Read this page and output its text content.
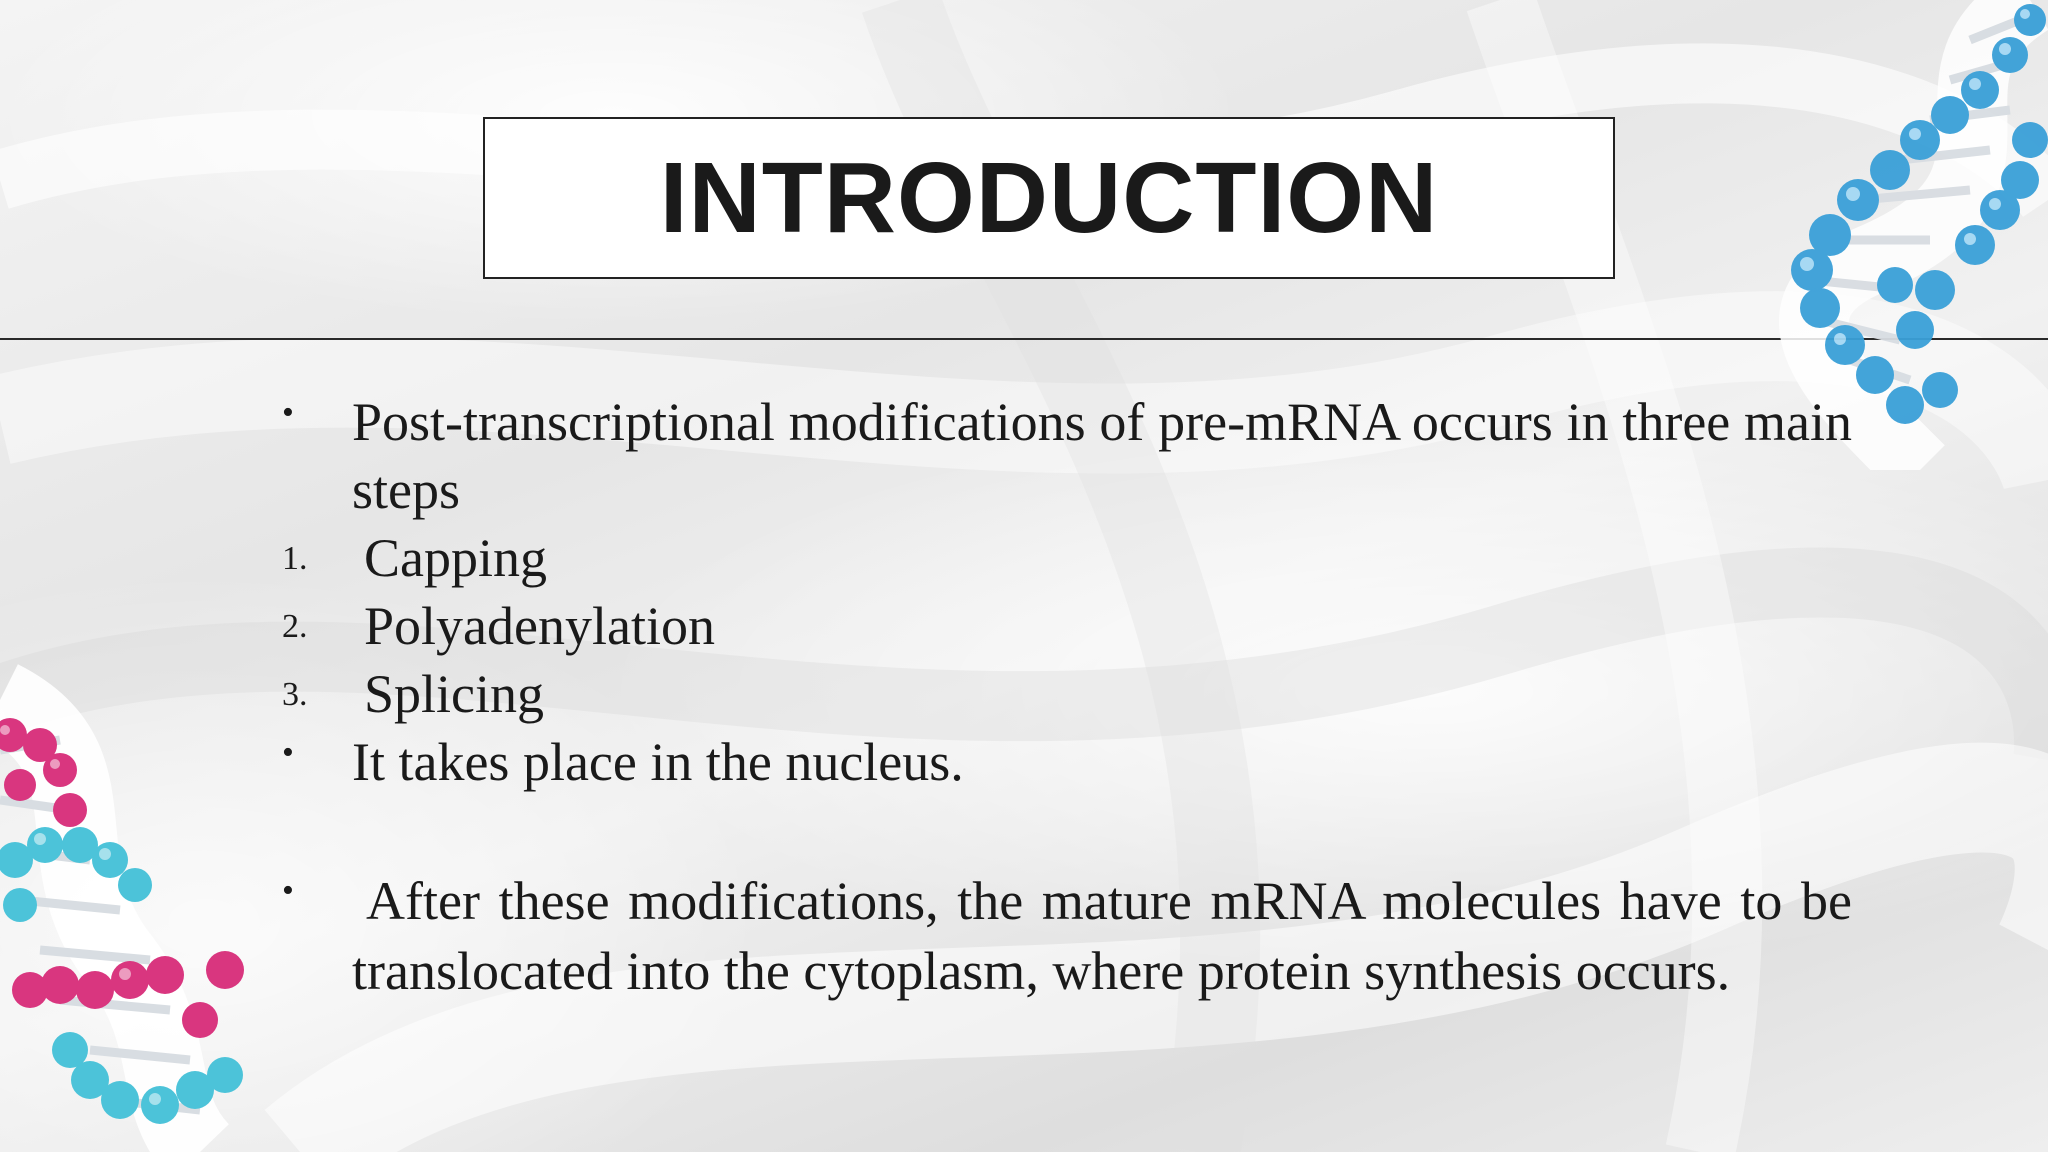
INTRODUCTION
•	Post-transcriptional modifications of pre-mRNA occurs in three main steps
1.	Capping
2.	Polyadenylation
3.	Splicing
•	It takes place in the nucleus.
•	After these modifications, the mature mRNA molecules have to be translocated into the cytoplasm, where protein synthesis occurs.
